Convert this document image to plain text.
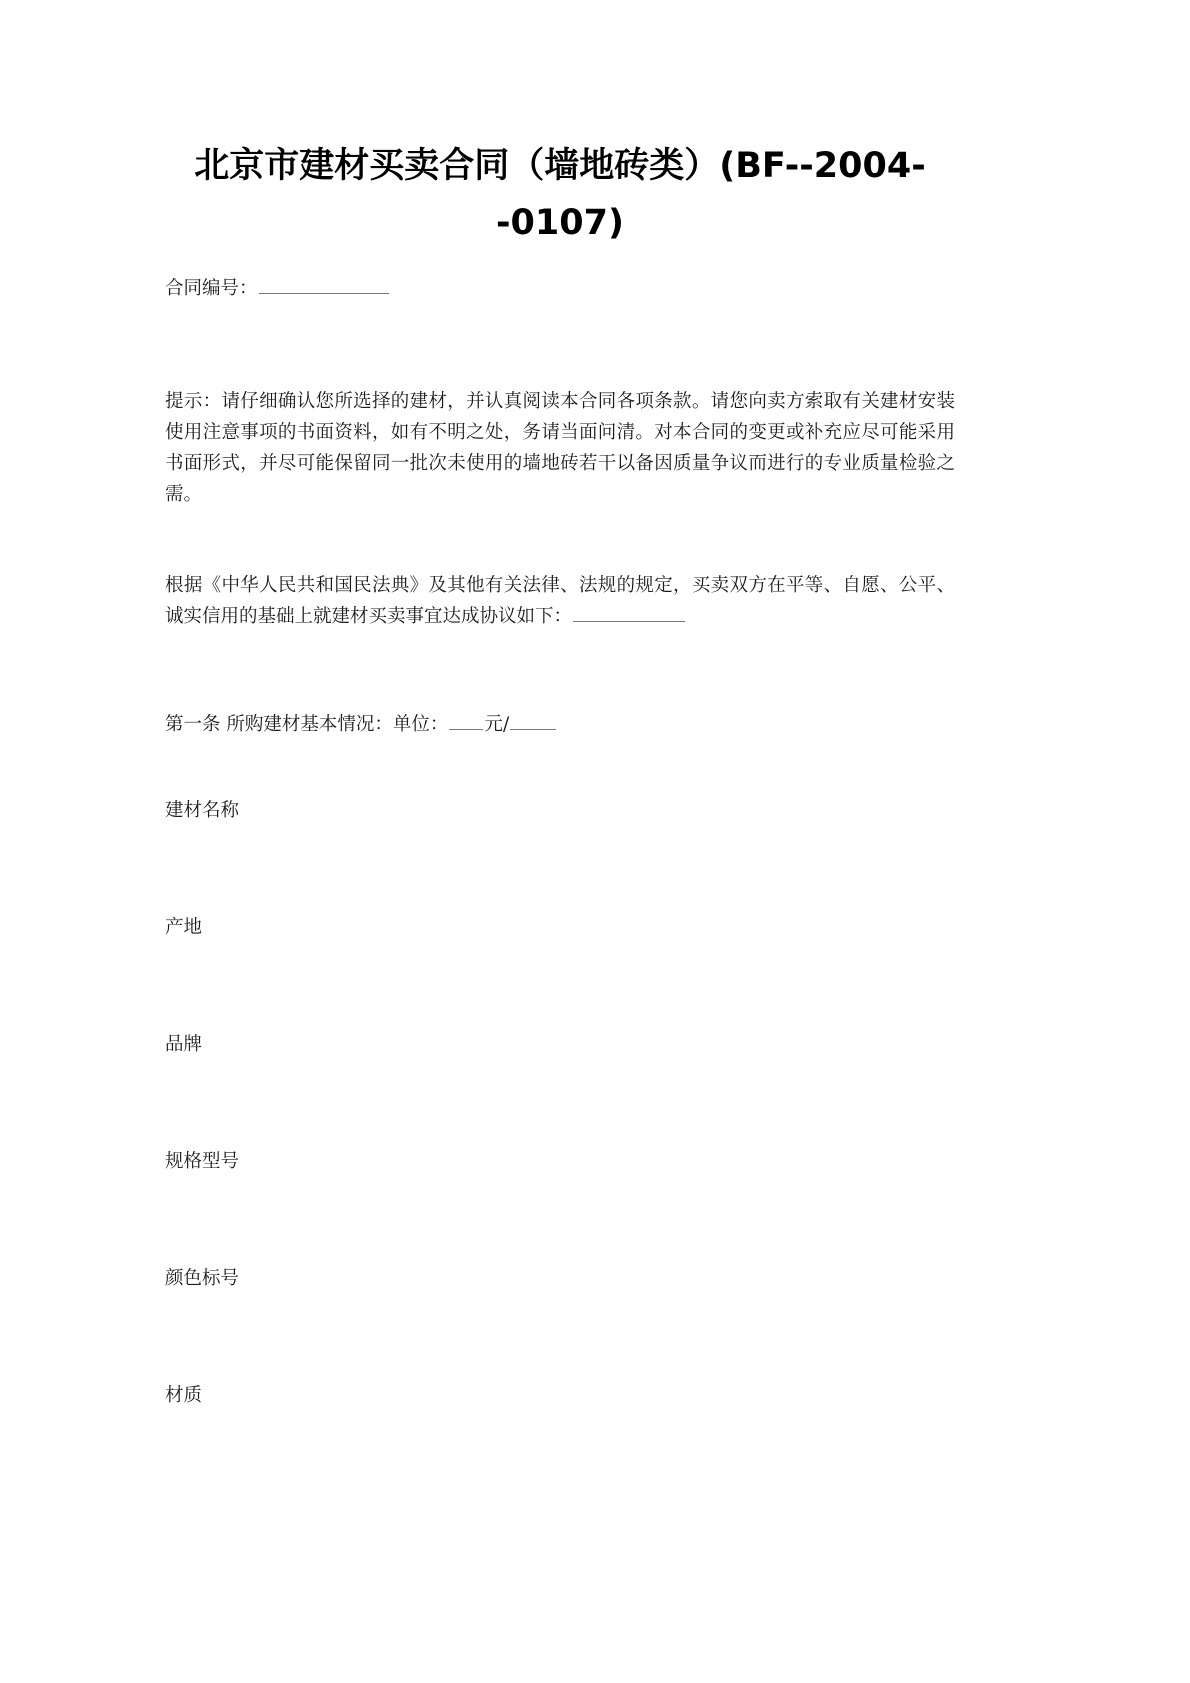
北京市建材买卖合同（墙地砖类）(BF--2004--0107)

合同编号：

提示：请仔细确认您所选择的建材，并认真阅读本合同各项条款。请您向卖方索取有关建材安装使用注意事项的书面资料，如有不明之处，务请当面问清。对本合同的变更或补充应尽可能采用书面形式，并尽可能保留同一批次未使用的墙地砖若干以备因质量争议而进行的专业质量检验之需。

根据《中华人民共和国民法典》及其他有关法律、法规的规定，买卖双方在平等、自愿、公平、诚实信用的基础上就建材买卖事宜达成协议如下：

第一条 所购建材基本情况：单位： 元/

建材名称

产地

品牌

规格型号

颜色标号

材质
